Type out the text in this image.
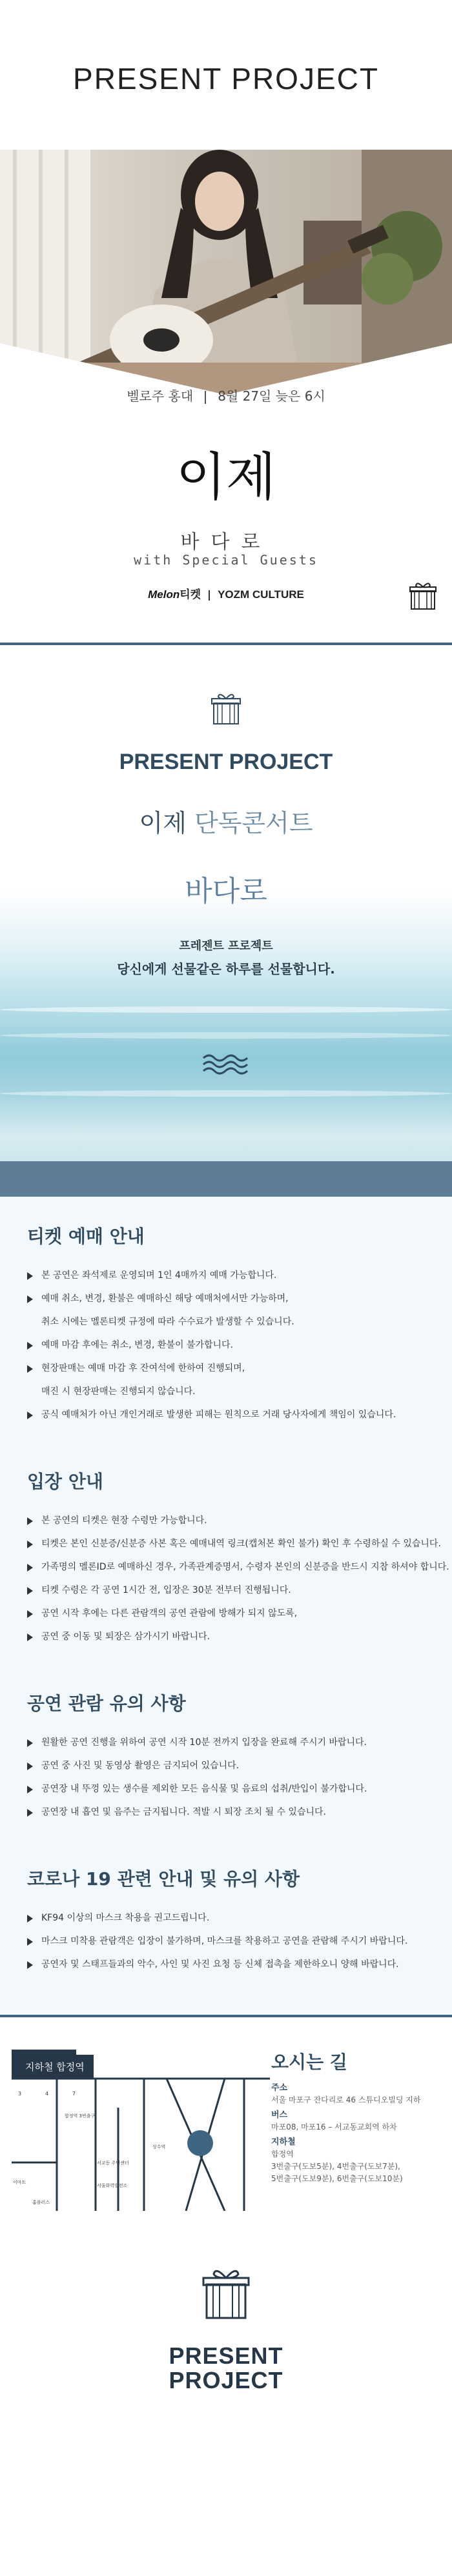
PRESENT PROJECT
벨로주 홍대 8월 27일 늦은 6시
이제
바다로
with Special Guests
Melon티켓 YOZM CULTURE
PRESENT PROJECT
이제 단독콘서트
바다로
프레젠트 프로젝트
당신에게 선물같은 하루를 선물합니다.
티켓 예매 안내
본 공연은 좌석제로 운영되며 1인 4매까지 예매 가능합니다.
예매 취소, 변경, 환불은 예매하신 해당 예매처에서만 가능하며,
취소 시에는 멜론티켓 규정에 따라 수수료가 발생할 수 있습니다.
예매 마감 후에는 취소, 변경, 환불이 불가합니다.
현장판매는 예매 마감 후 잔여석에 한하여 진행되며,
매진 시 현장판매는 진행되지 않습니다.
공식 예매처가 아닌 개인거래로 발생한 피해는 원칙으로 거래 당사자에게 책임이 있습니다.
입장 안내
본 공연의 티켓은 현장 수령만 가능합니다.
티켓은 본인 신분증/신분증 사본 혹은 예매내역 링크(캡처본 확인 불가) 확인 후 수령하실 수 있습니다.
가족명의 멜론ID로 예매하신 경우, 가족관계증명서, 수령자 본인의 신분증을 반드시 지참 하셔야 합니다.
티켓 수령은 각 공연 1시간 전, 입장은 30분 전부터 진행됩니다.
공연 시작 후에는 다른 관람객의 공연 관람에 방해가 되지 않도록,
공연 중 이동 및 퇴장은 삼가시기 바랍니다.
공연 관람 유의 사항
원활한 공연 진행을 위하여 공연 시작 10분 전까지 입장을 완료해 주시기 바랍니다.
공연 중 사진 및 동영상 촬영은 금지되어 있습니다.
공연장 내 뚜껑 있는 생수를 제외한 모든 음식물 및 음료의 섭취/반입이 불가합니다.
공연장 내 흡연 및 음주는 금지됩니다. 적발 시 퇴장 조치 될 수 있습니다.
코로나 19 관련 안내 및 유의 사항
KF94 이상의 마스크 착용을 권고드립니다.
마스크 미착용 관람객은 입장이 불가하며, 마스크를 착용하고 공연을 관람해 주시기 바랍니다.
공연자 및 스태프들과의 악수, 사인 및 사진 요청 등 신체 접촉을 제한하오니 양해 바랍니다.
지하철 합정역
벨로주 홍대
3	4	7
합정역 3번출구
서교동 주민센터
서울화력발전소
상수역
홈플러스
이마트
오시는 길
주소
서울 마포구 잔다리로 46 스튜디오빌딩 지하
버스
마포08, 마포16 – 서교동교회역 하차
지하철
합정역
3번출구(도보5분), 4번출구(도보7분),
5번출구(도보9분), 6번출구(도보10분)
PRESENT
PROJECT
